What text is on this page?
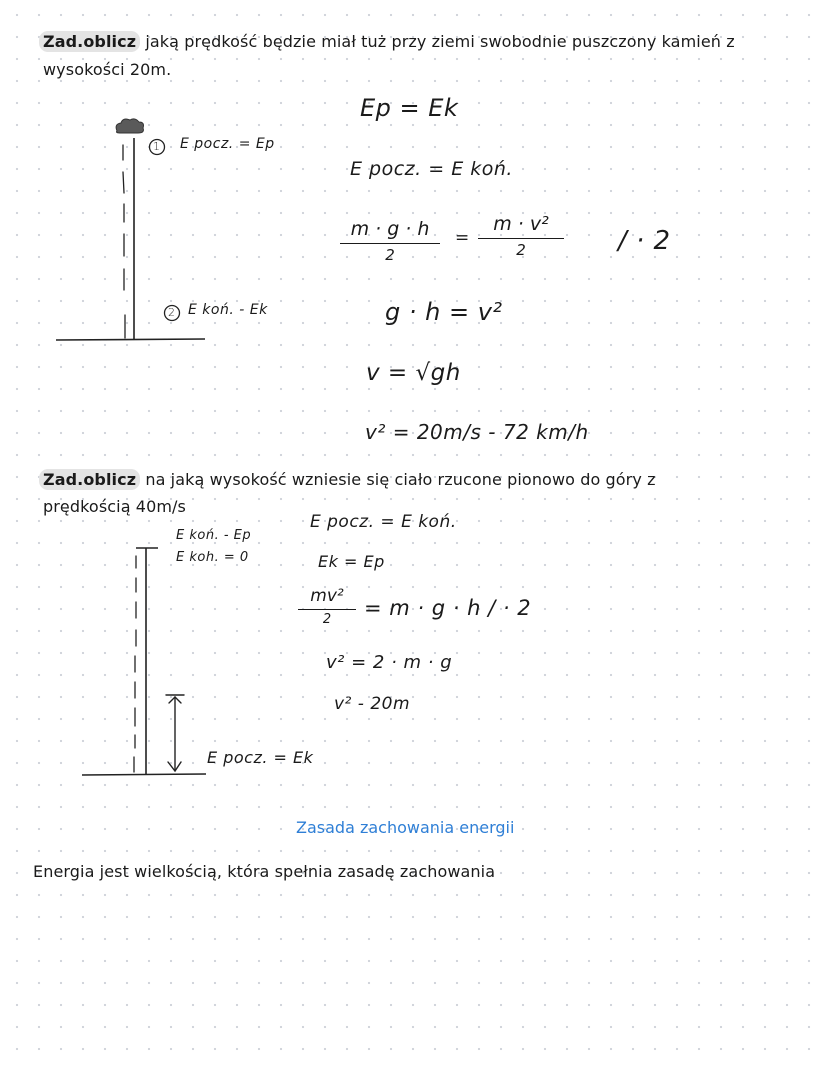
Zad.oblicz jaką prędkość będzie miał tuż przy ziemi swobodnie puszczony kamień z
wysokości 20m.
1 E pocz. = Ep
2 E koń. - Ek
Ep = Ek
E pocz. = E koń.
m · g · h
2
=
m · v²
2	/ · 2
g · h = v²
v = √gh
v² = 20m/s - 72 km/h
Zad.oblicz na jaką wysokość wzniesie się ciało rzucone pionowo do góry z
prędkością 40m/s
E koń. - Ep
E koh. = 0
E pocz. = Ek
E pocz. = E koń.
Ek = Ep
mv²
2	= m · g · h / · 2
v² = 2 · m · g
v² - 20m
Zasada zachowania energii
Energia jest wielkością, która spełnia zasadę zachowania
